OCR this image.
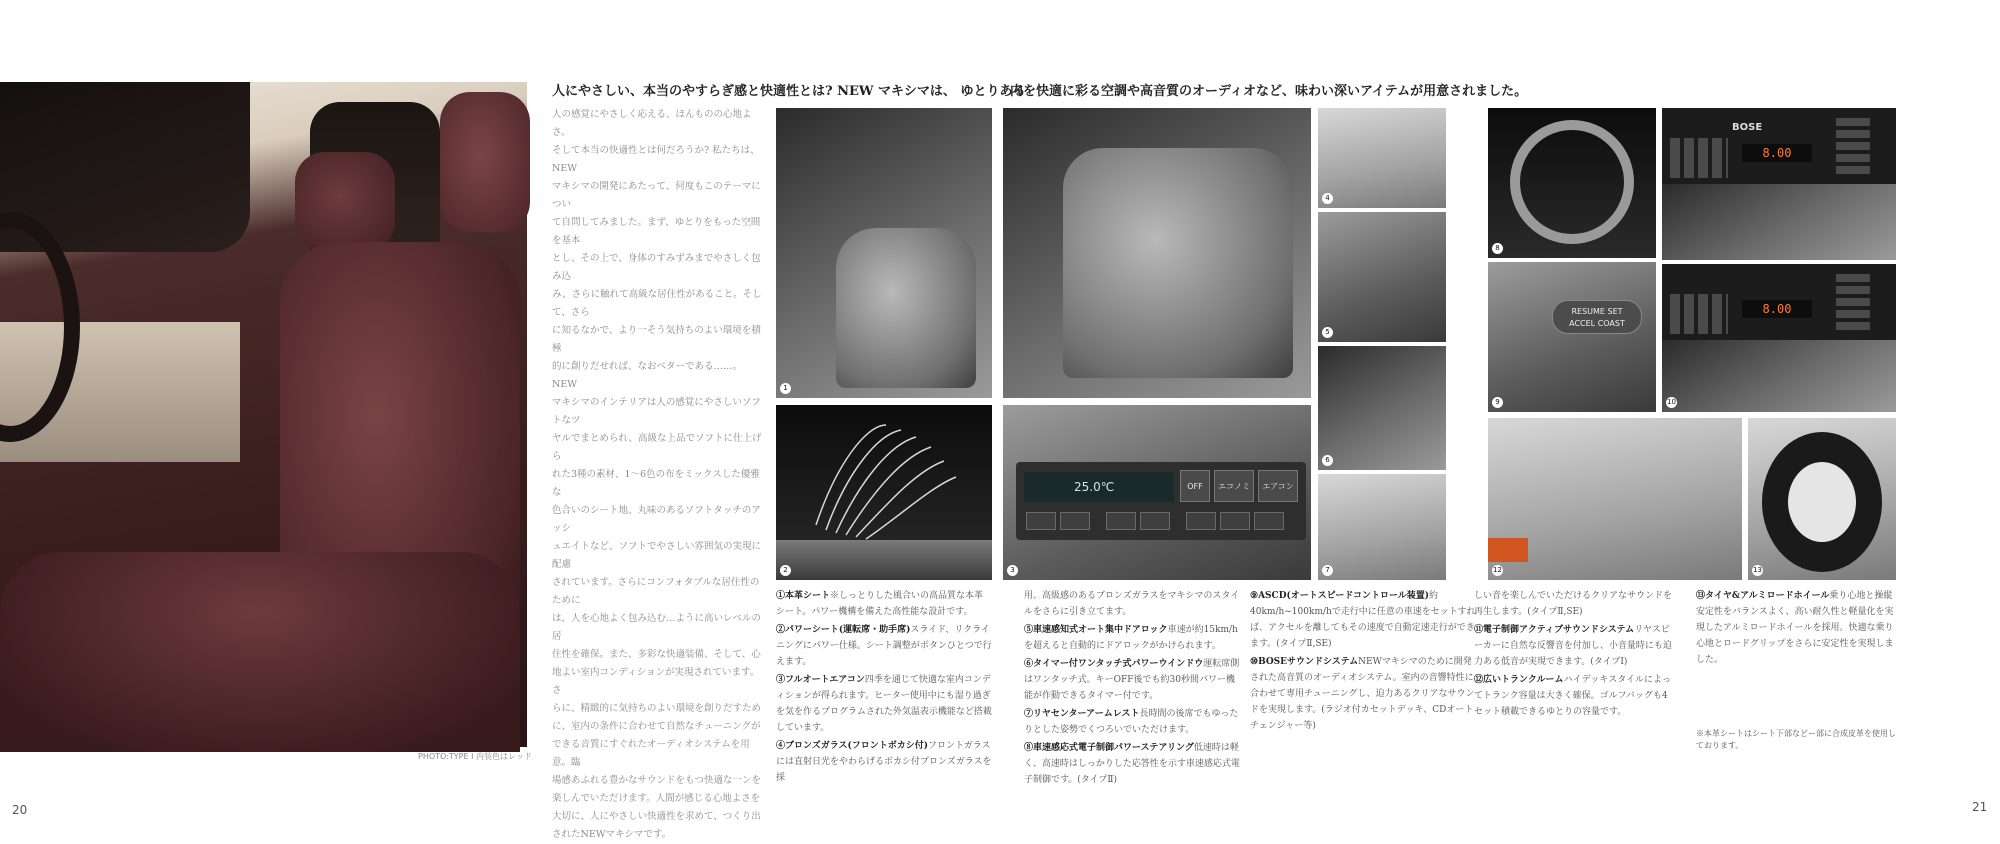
PHOTO:TYPE I 内装色はレッド
20
人にやさしい、本当のやすらぎ感と快適性とは? NEW マキシマは、 ゆとりある

人の感覚にやさしく応える、ほんものの心地よさ。

そして本当の快適性とは何だろうか? 私たちは、NEW

マキシマの開発にあたって、何度もこのテーマについ

て自問してみました。まず、ゆとりをもった空間を基本

とし、その上で、身体のすみずみまでやさしく包み込

み、さらに触れて高級な居住性があること。そして、さら

に知るなかで、より一そう気持ちのよい環境を積極

的に創りだせれば、なおベターである……。NEW

マキシマのインテリアは人の感覚にやさしいソフトなツ

ヤルでまとめられ、高級な上品でソフトに仕上げら

れた3種の素材、1～6色の布をミックスした優雅な

色合いのシート地、丸味のあるソフトタッチのアッシ

ュエイトなど、ソフトでやさしい雰囲気の実現に配慮

されています。さらにコンフォタブルな居住性のために

は、人を心地よく包み込む…ように高いレベルの居

住性を確保。また、多彩な快適装備、そして、心

地よい室内コンディションが実現されています。さ

らに、精緻的に気持ちのよい環境を創りだすため

に、室内の条件に合わせて自然なチューニングが

できる音質にすぐれたオーディオシステムを用意。臨

場感あふれる豊かなサウンドをもつ快適な一ンを

楽しんでいただけます。人間が感じる心地よさを

大切に、人にやさしい快適性を求めて、つくり出

されたNEWマキシマです。

内を快適に彩る空調や高音質のオーディオなど、味わい深いアイテムが用意されました。
1
2	3
25.0℃	OFF	エコノミ	エアコン
4
5
6
7
8
9
RESUME SET
ACCEL COAST
12
BOSE
8.00
8.00
10
13

①本革シート※しっとりした風合いの高品質な本革シート。パワー機構を備えた高性能な設計です。

②パワーシート(運転席・助手席)スライド、リクライニングにパワー仕様。シート調整がボタンひとつで行えます。

③フルオートエアコン四季を通じて快適な室内コンディションが得られます。ヒーター使用中にも湿り過ぎを気を作るプログラムされた外気温表示機能など搭載しています。

④ブロンズガラス(フロントボカシ付)フロントガラスには直射日光をやわらげるボカシ付ブロンズガラスを採

用。高級感のあるブロンズガラスをマキシマのスタイルをさらに引き立てます。

⑤車速感知式オート集中ドアロック車速が約15km/hを超えると自動的にドアロックがかけられます。

⑥タイマー付ワンタッチ式パワーウインドウ運転席側はワンタッチ式。キーOFF後でも約30秒間パワー機能が作動できるタイマー付です。

⑦リヤセンターアームレスト長時間の後席でもゆったりとした姿勢でくつろいでいただけます。

⑧車速感応式電子制御パワーステアリング低速時は軽く、高速時はしっかりした応答性を示す車速感応式電子制御です。(タイプⅡ)

⑨ASCD(オートスピードコントロール装置)約40km/h~100km/hで走行中に任意の車速をセットすれば、アクセルを離してもその速度で自動定速走行ができます。(タイプⅡ,SE)

⑩BOSEサウンドシステムNEWマキシマのために開発された高音質のオーディオシステム。室内の音響特性に合わせて専用チューニングし、迫力あるクリアなサウンドを実現します。(ラジオ付カセットデッキ、CDオートチェンジャー等)

しい音を楽しんでいただけるクリアなサウンドを再生します。(タイプⅡ,SE)

⑪電子制御アクティブサウンドシステムリヤスピーカーに自然な反響音を付加し、小音量時にも迫力ある低音が実現できます。(タイプⅠ)

⑫広いトランクルームハイデッキスタイルによってトランク容量は大きく確保。ゴルフバッグも4セット積載できるゆとりの容量です。

⑬タイヤ&アルミロードホイール乗り心地と操縦安定性をバランスよく、高い耐久性と軽量化を実現したアルミロードホイールを採用。快適な乗り心地とロードグリップをさらに安定性を実現しました。

※本革シートはシート下部などー部に合成皮革を使用しております。
21
